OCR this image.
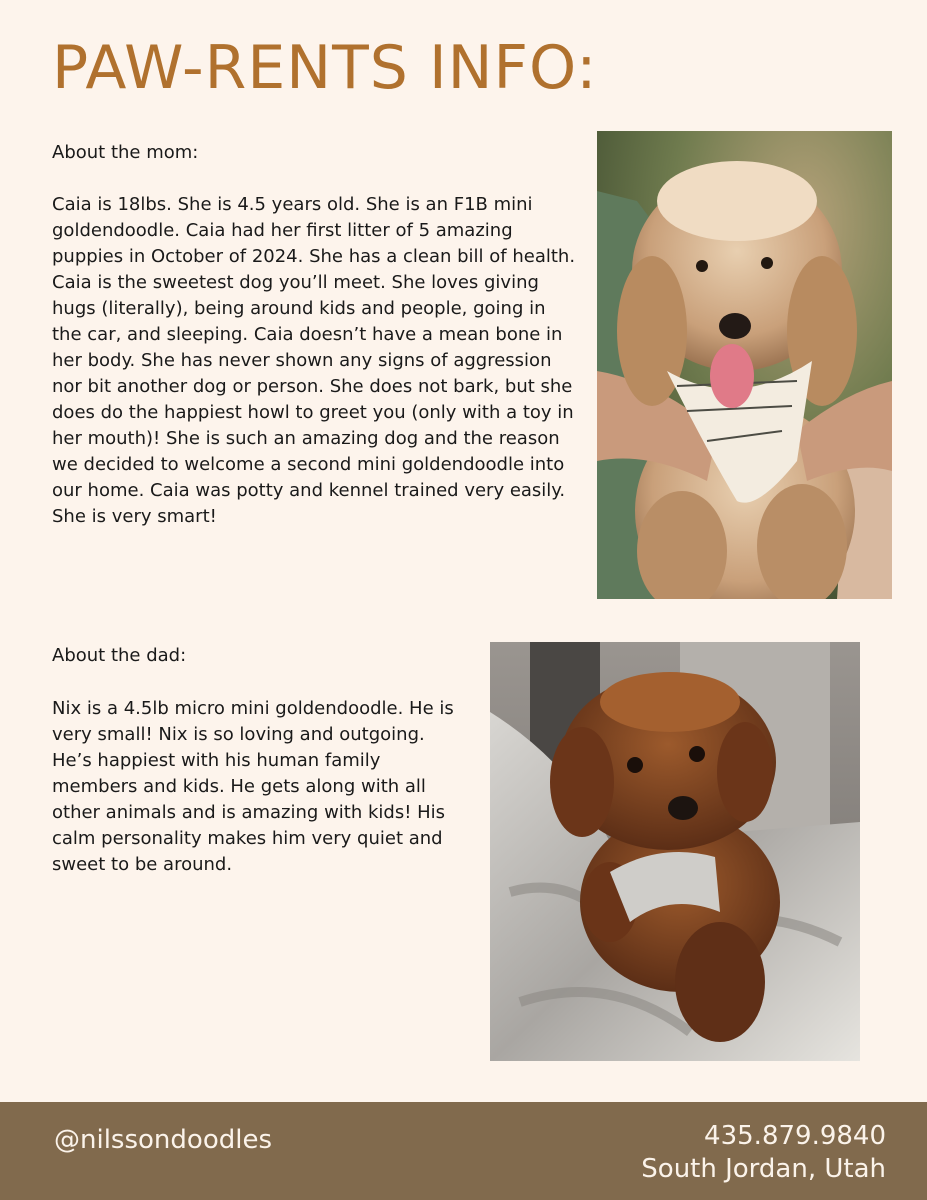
PAW-RENTS INFO:

About the mom:

Caia is 18lbs. She is 4.5 years old. She is an F1B mini goldendoodle. Caia had her first litter of 5 amazing puppies in October of 2024. She has a clean bill of health. Caia is the sweetest dog you’ll meet. She loves giving hugs (literally), being around kids and people, going in the car, and sleeping. Caia doesn’t have a mean bone in her body. She has never shown any signs of aggression nor bit another dog or person. She does not bark, but she does do the happiest howl to greet you (only with a toy in her mouth)! She is such an amazing dog and the reason we decided to welcome a second mini goldendoodle into our home. Caia was potty and kennel trained very easily. She is very smart!

About the dad:

Nix is a 4.5lb micro mini goldendoodle. He is very small! Nix is so loving and outgoing. He’s happiest with his human family members and kids. He gets along with all other animals and is amazing with kids! His calm personality makes him very quiet and sweet to be around.

@nilssondoodles	435.879.9840
South Jordan, Utah
